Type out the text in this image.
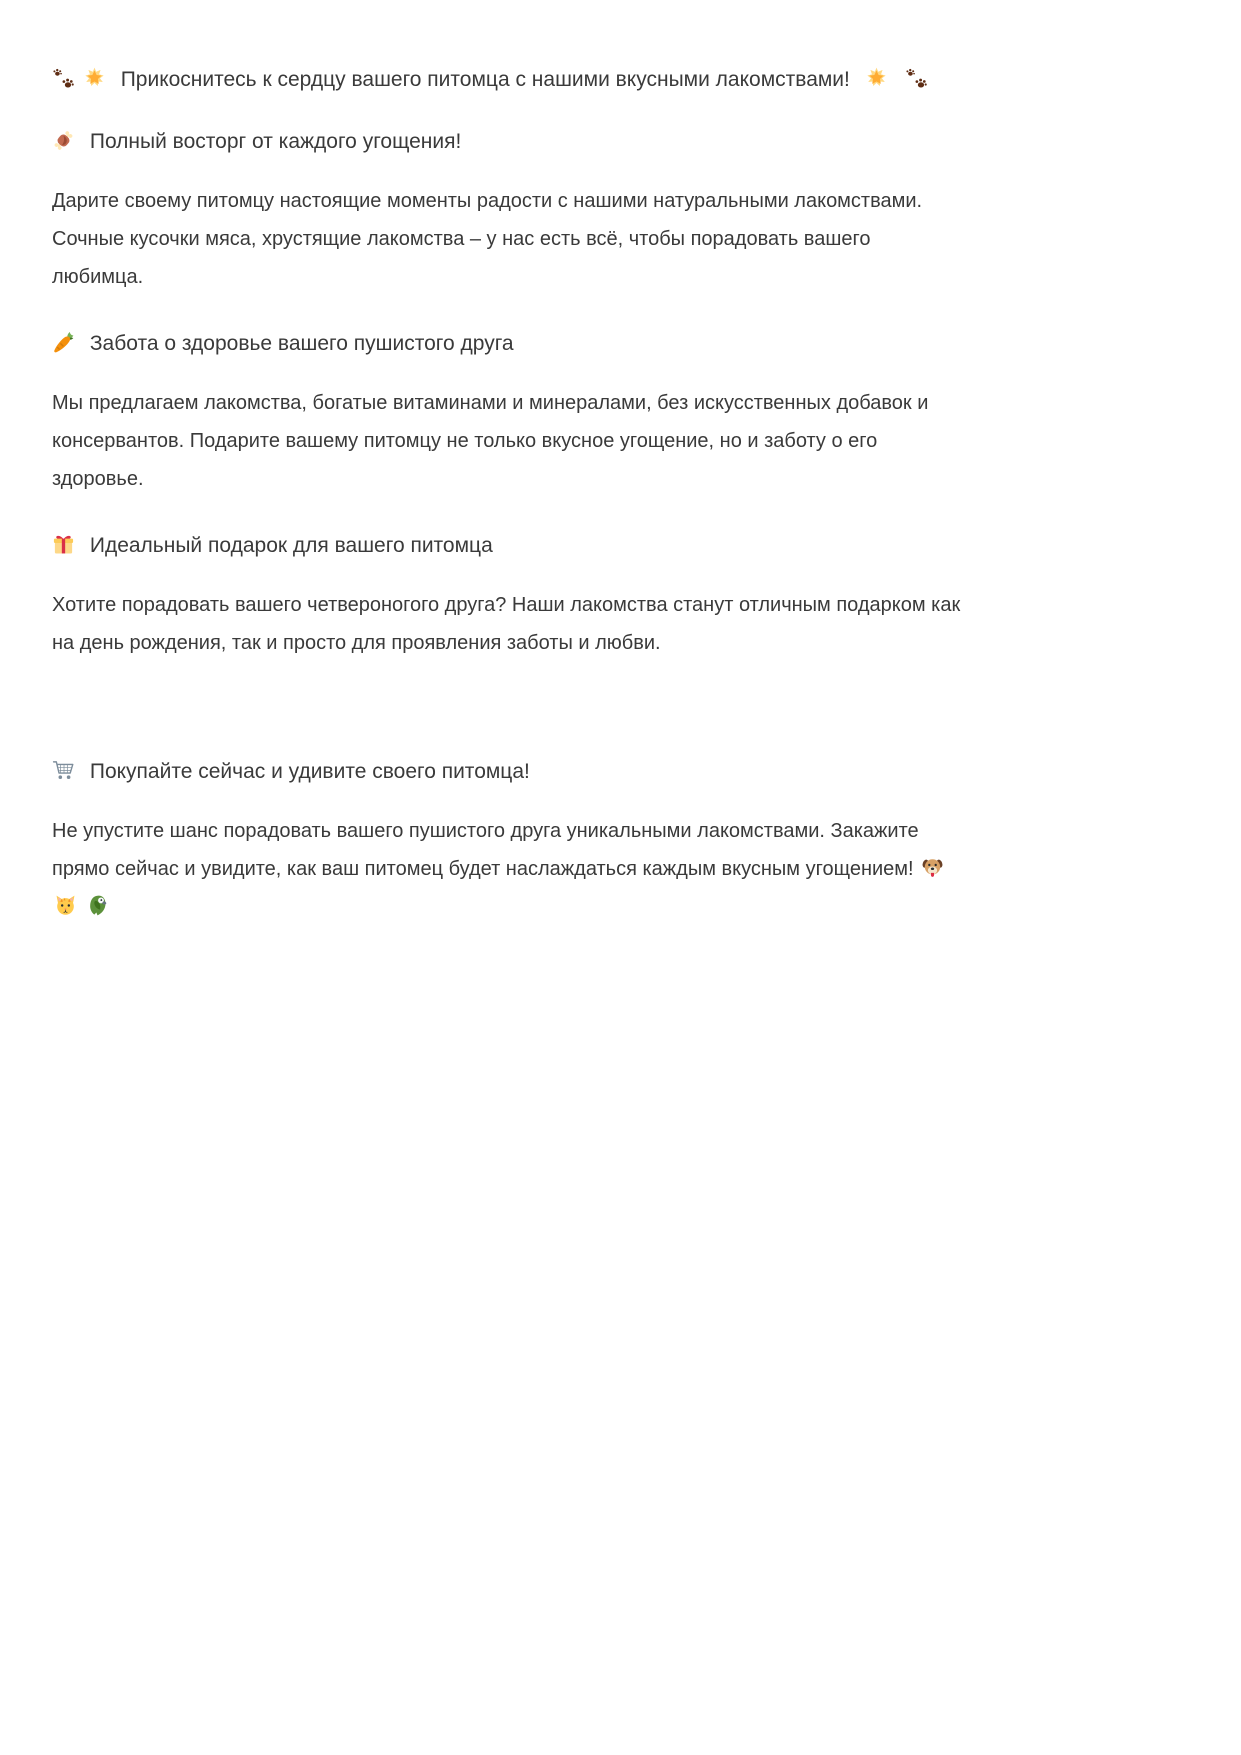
Прикоснитесь к сердцу вашего питомца с нашими вкусными лакомствами!

Полный восторг от каждого угощения!

Дарите своему питомцу настоящие моменты радости с нашими натуральными лакомствами. Сочные кусочки мяса, хрустящие лакомства – у нас есть всё, чтобы порадовать вашего любимца.

Забота о здоровье вашего пушистого друга

Мы предлагаем лакомства, богатые витаминами и минералами, без искусственных добавок и консервантов. Подарите вашему питомцу не только вкусное угощение, но и заботу о его здоровье.

Идеальный подарок для вашего питомца

Хотите порадовать вашего четвероногого друга? Наши лакомства станут отличным подарком как на день рождения, так и просто для проявления заботы и любви.

Покупайте сейчас и удивите своего питомца!

Не упустите шанс порадовать вашего пушистого друга уникальными лакомствами. Закажите прямо сейчас и увидите, как ваш питомец будет наслаждаться каждым вкусным угощением!
